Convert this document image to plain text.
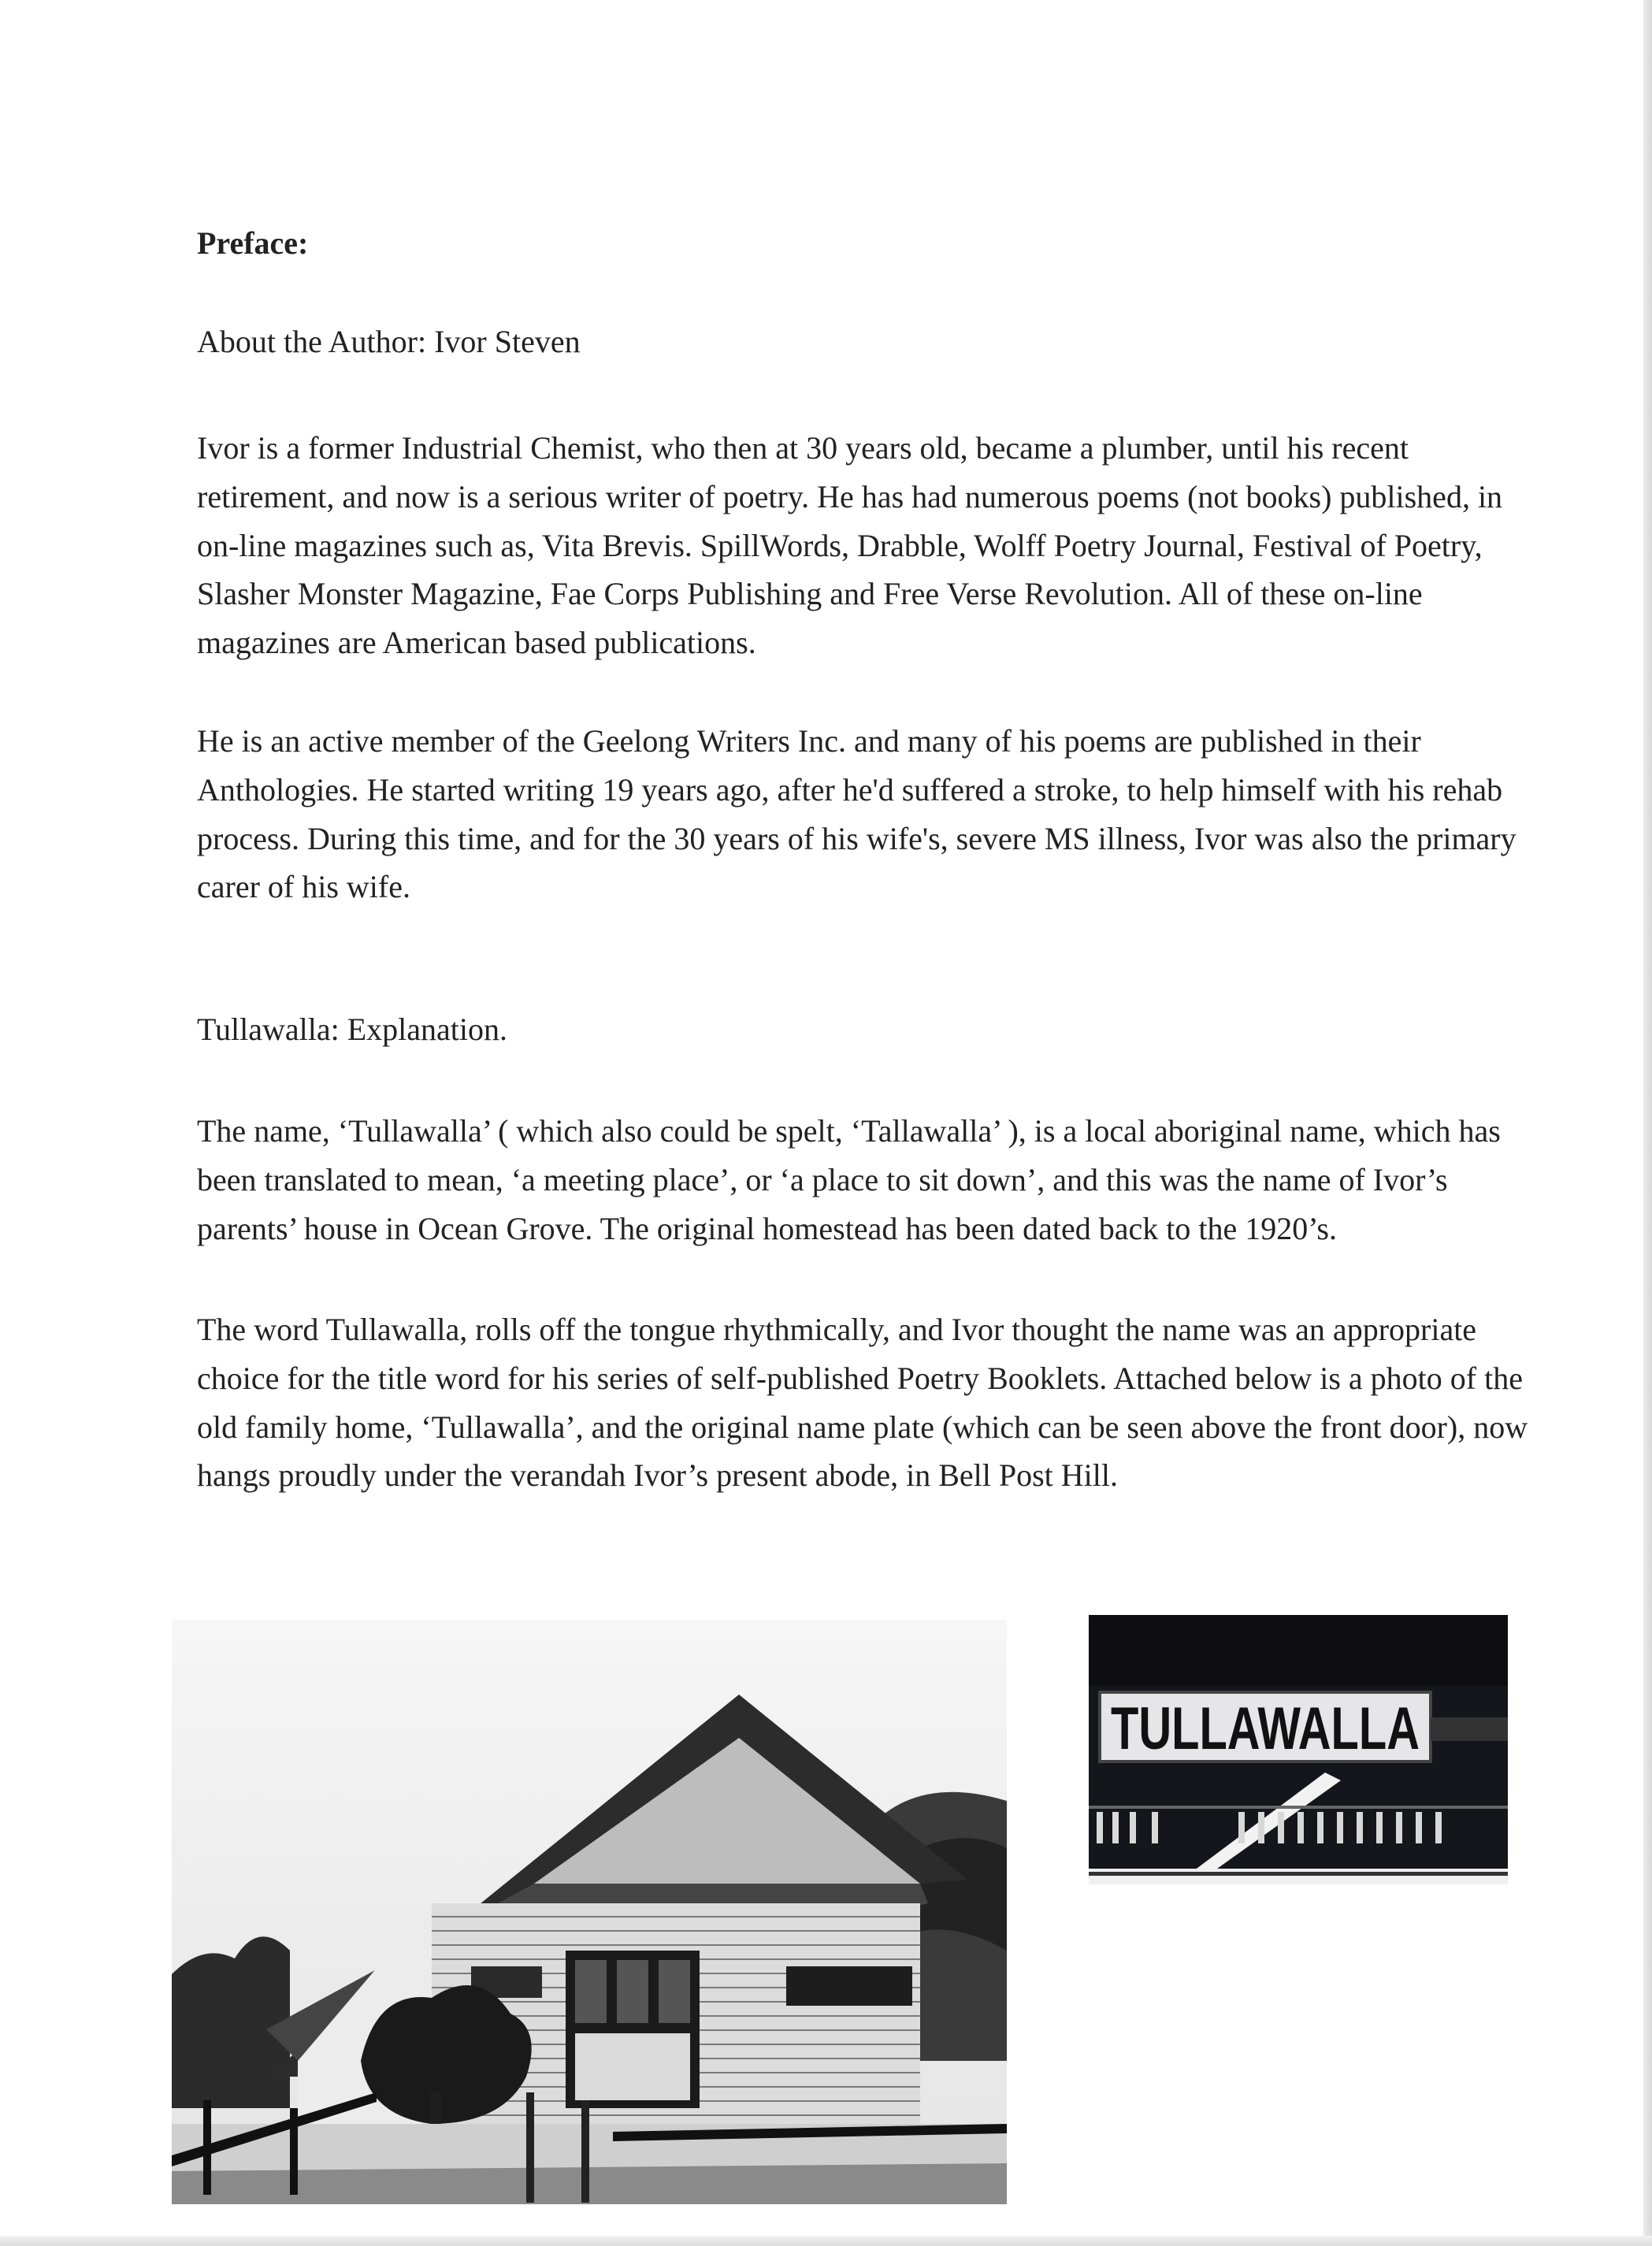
Preface:
About the Author: Ivor Steven
Ivor is a former Industrial Chemist, who then at 30 years old, became a plumber, until his recent retirement, and now is a serious writer of poetry. He has had numerous poems (not books) published, in on-line magazines such as, Vita Brevis. SpillWords, Drabble, Wolff Poetry Journal, Festival of Poetry, Slasher Monster Magazine, Fae Corps Publishing and Free Verse Revolution. All of these on-line magazines are American based publications.
He is an active member of the Geelong Writers Inc. and many of his poems are published in their Anthologies. He started writing 19 years ago, after he'd suffered a stroke, to help himself with his rehab process. During this time, and for the 30 years of his wife's, severe MS illness, Ivor was also the primary carer of his wife.
Tullawalla: Explanation.
The name, ‘Tullawalla’ ( which also could be spelt, ‘Tallawalla’ ), is a local aboriginal name, which has been translated to mean, ‘a meeting place’, or ‘a place to sit down’, and this was the name of Ivor’s parents’ house in Ocean Grove. The original homestead has been dated back to the 1920’s.
The word Tullawalla, rolls off the tongue rhythmically, and Ivor thought the name was an appropriate choice for the title word for his series of self-published Poetry Booklets. Attached below is a photo of the old family home, ‘Tullawalla’, and the original name plate (which can be seen above the front door), now hangs proudly under the verandah Ivor’s present abode, in Bell Post Hill.
TULLAWALLA
